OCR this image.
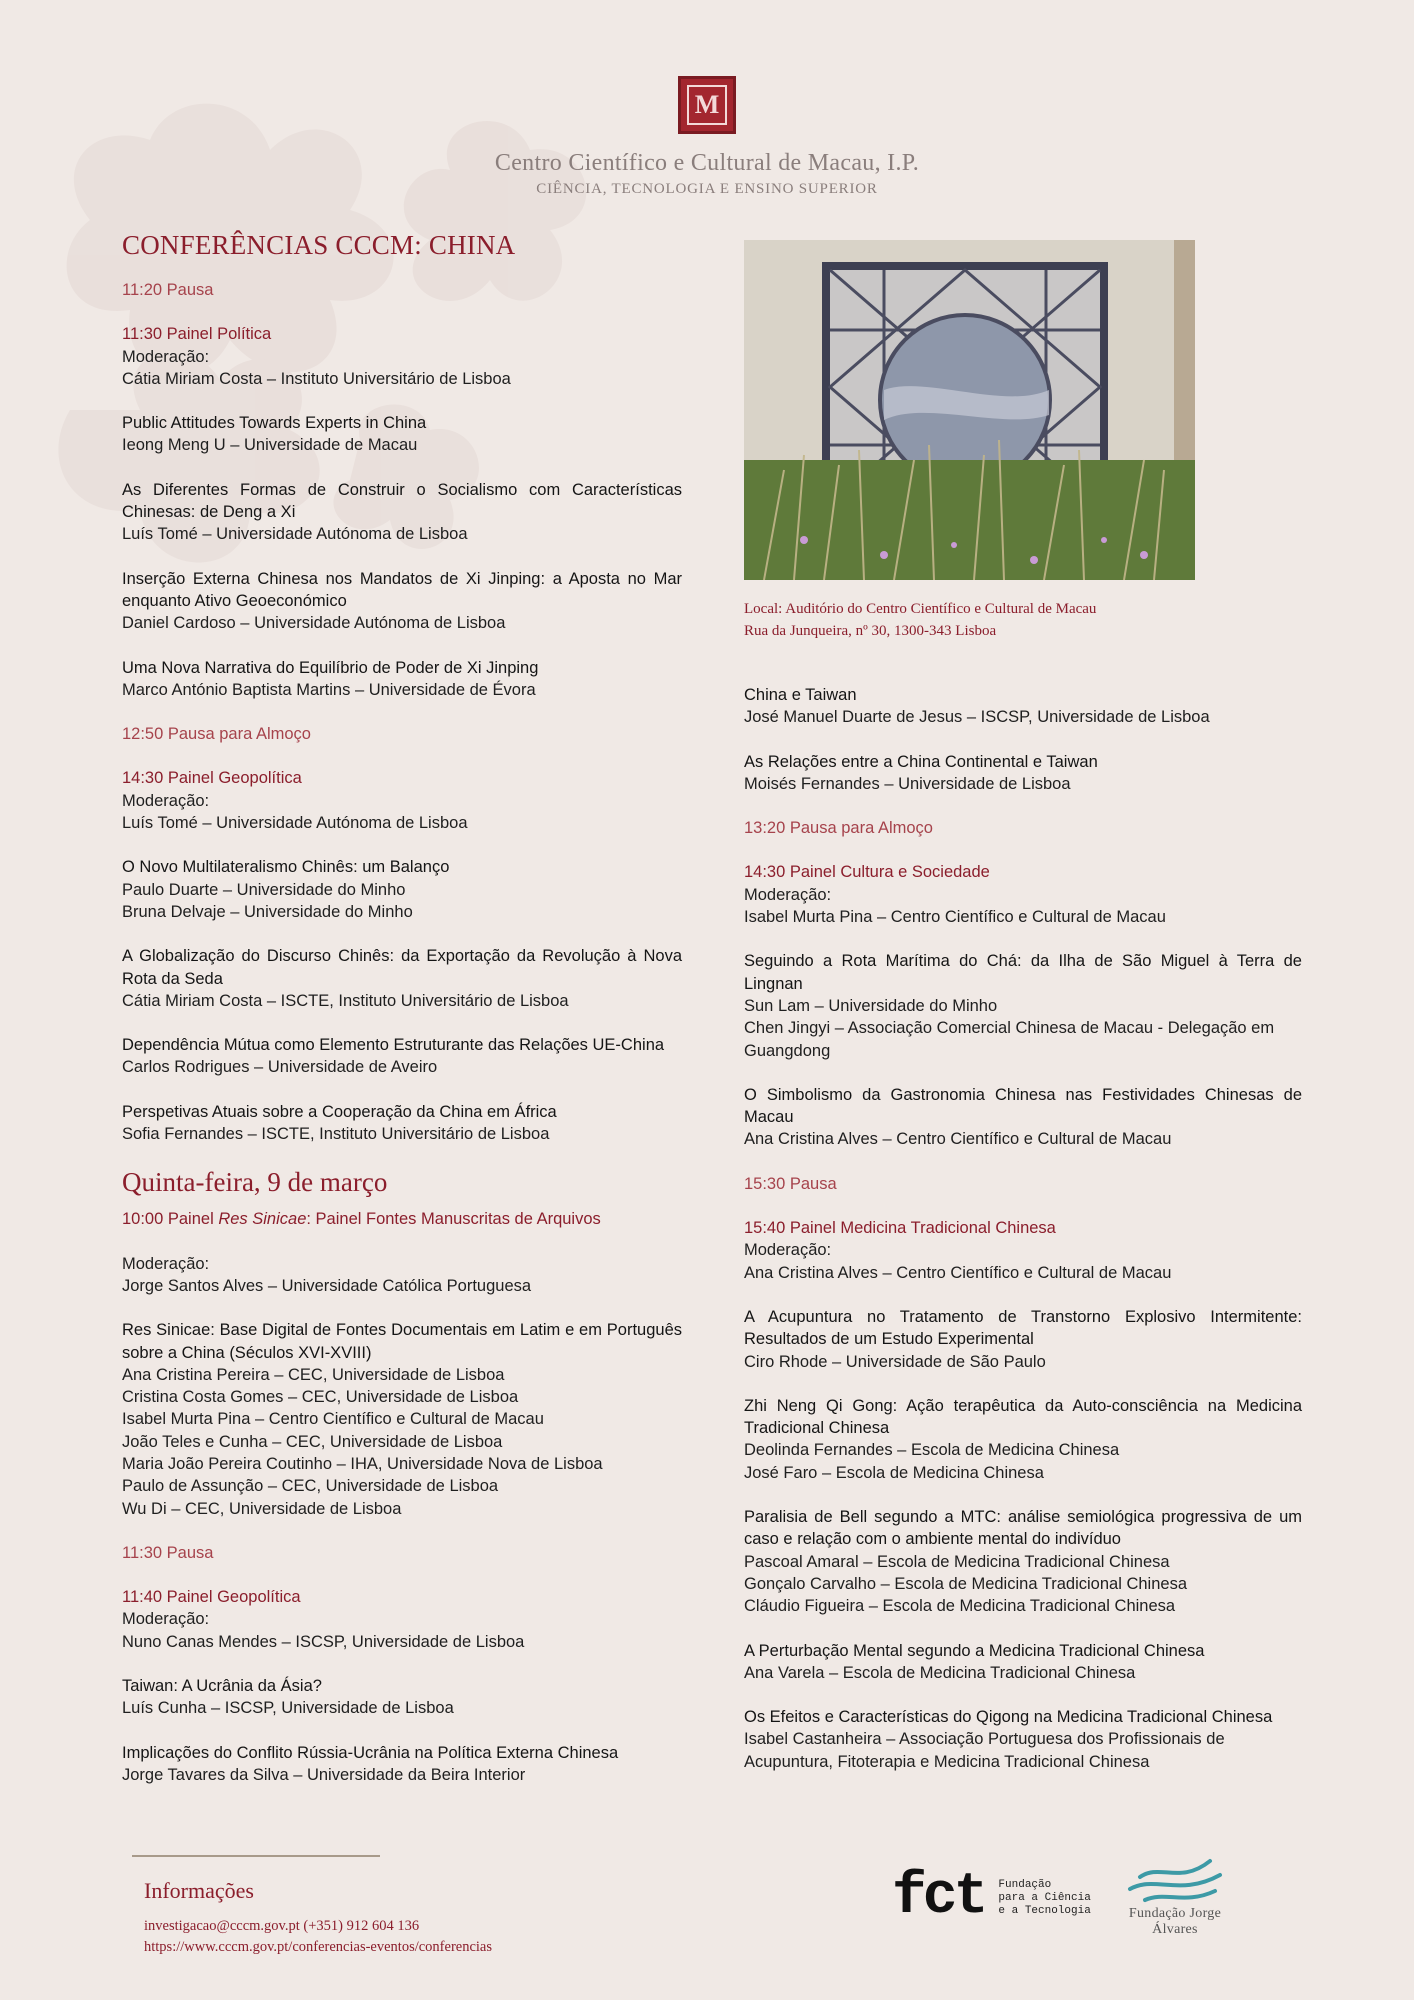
M
Centro Científico e Cultural de Macau, I.P.
CIÊNCIA, TECNOLOGIA E ENSINO SUPERIOR
CONFERÊNCIAS CCCM: CHINA
11:20 Pausa
11:30 Painel Política
Moderação:
Cátia Miriam Costa – Instituto Universitário de Lisboa
Public Attitudes Towards Experts in China
Ieong Meng U – Universidade de Macau
As Diferentes Formas de Construir o Socialismo com Características Chinesas: de Deng a Xi
Luís Tomé – Universidade Autónoma de Lisboa
Inserção Externa Chinesa nos Mandatos de Xi Jinping: a Aposta no Mar enquanto Ativo Geoeconómico
Daniel Cardoso – Universidade Autónoma de Lisboa
Uma Nova Narrativa do Equilíbrio de Poder de Xi Jinping
Marco António Baptista Martins – Universidade de Évora
12:50 Pausa para Almoço
14:30 Painel Geopolítica
Moderação:
Luís Tomé – Universidade Autónoma de Lisboa
O Novo Multilateralismo Chinês: um Balanço
Paulo Duarte – Universidade do Minho
Bruna Delvaje – Universidade do Minho
A Globalização do Discurso Chinês: da Exportação da Revolução à Nova Rota da Seda
Cátia Miriam Costa – ISCTE, Instituto Universitário de Lisboa
Dependência Mútua como Elemento Estruturante das Relações UE-China
Carlos Rodrigues – Universidade de Aveiro
Perspetivas Atuais sobre a Cooperação da China em África
Sofia Fernandes – ISCTE, Instituto Universitário de Lisboa
Quinta-feira, 9 de março
10:00 Painel Res Sinicae: Painel Fontes Manuscritas de Arquivos
Moderação:
Jorge Santos Alves – Universidade Católica Portuguesa
Res Sinicae: Base Digital de Fontes Documentais em Latim e em Português sobre a China (Séculos XVI-XVIII)
Ana Cristina Pereira – CEC, Universidade de Lisboa
Cristina Costa Gomes – CEC, Universidade de Lisboa
Isabel Murta Pina – Centro Científico e Cultural de Macau
João Teles e Cunha – CEC, Universidade de Lisboa
Maria João Pereira Coutinho – IHA, Universidade Nova de Lisboa
Paulo de Assunção – CEC, Universidade de Lisboa
Wu Di – CEC, Universidade de Lisboa
11:30 Pausa
11:40 Painel Geopolítica
Moderação:
Nuno Canas Mendes – ISCSP, Universidade de Lisboa
Taiwan: A Ucrânia da Ásia?
Luís Cunha – ISCSP, Universidade de Lisboa
Implicações do Conflito Rússia-Ucrânia na Política Externa Chinesa
Jorge Tavares da Silva – Universidade da Beira Interior
Local: Auditório do Centro Científico e Cultural de Macau
Rua da Junqueira, nº 30, 1300-343 Lisboa
China e Taiwan
José Manuel Duarte de Jesus – ISCSP, Universidade de Lisboa
As Relações entre a China Continental e Taiwan
Moisés Fernandes – Universidade de Lisboa
13:20 Pausa para Almoço
14:30 Painel Cultura e Sociedade
Moderação:
Isabel Murta Pina – Centro Científico e Cultural de Macau
Seguindo a Rota Marítima do Chá: da Ilha de São Miguel à Terra de Lingnan
Sun Lam – Universidade do Minho
Chen Jingyi – Associação Comercial Chinesa de Macau - Delegação em Guangdong
O Simbolismo da Gastronomia Chinesa nas Festividades Chinesas de Macau
Ana Cristina Alves – Centro Científico e Cultural de Macau
15:30 Pausa
15:40 Painel Medicina Tradicional Chinesa
Moderação:
Ana Cristina Alves – Centro Científico e Cultural de Macau
A Acupuntura no Tratamento de Transtorno Explosivo Intermitente: Resultados de um Estudo Experimental
Ciro Rhode – Universidade de São Paulo
Zhi Neng Qi Gong: Ação terapêutica da Auto-consciência na Medicina Tradicional Chinesa
Deolinda Fernandes – Escola de Medicina Chinesa
José Faro – Escola de Medicina Chinesa
Paralisia de Bell segundo a MTC: análise semiológica progressiva de um caso e relação com o ambiente mental do indivíduo
Pascoal Amaral – Escola de Medicina Tradicional Chinesa
Gonçalo Carvalho – Escola de Medicina Tradicional Chinesa
Cláudio Figueira – Escola de Medicina Tradicional Chinesa
A Perturbação Mental segundo a Medicina Tradicional Chinesa
Ana Varela – Escola de Medicina Tradicional Chinesa
Os Efeitos e Características do Qigong na Medicina Tradicional Chinesa
Isabel Castanheira – Associação Portuguesa dos Profissionais de Acupuntura, Fitoterapia e Medicina Tradicional Chinesa
Informações
investigacao@cccm.gov.pt (+351) 912 604 136
https://www.cccm.gov.pt/conferencias-eventos/conferencias
fct Fundação
para a Ciência
e a Tecnologia	Fundação Jorge Álvares
